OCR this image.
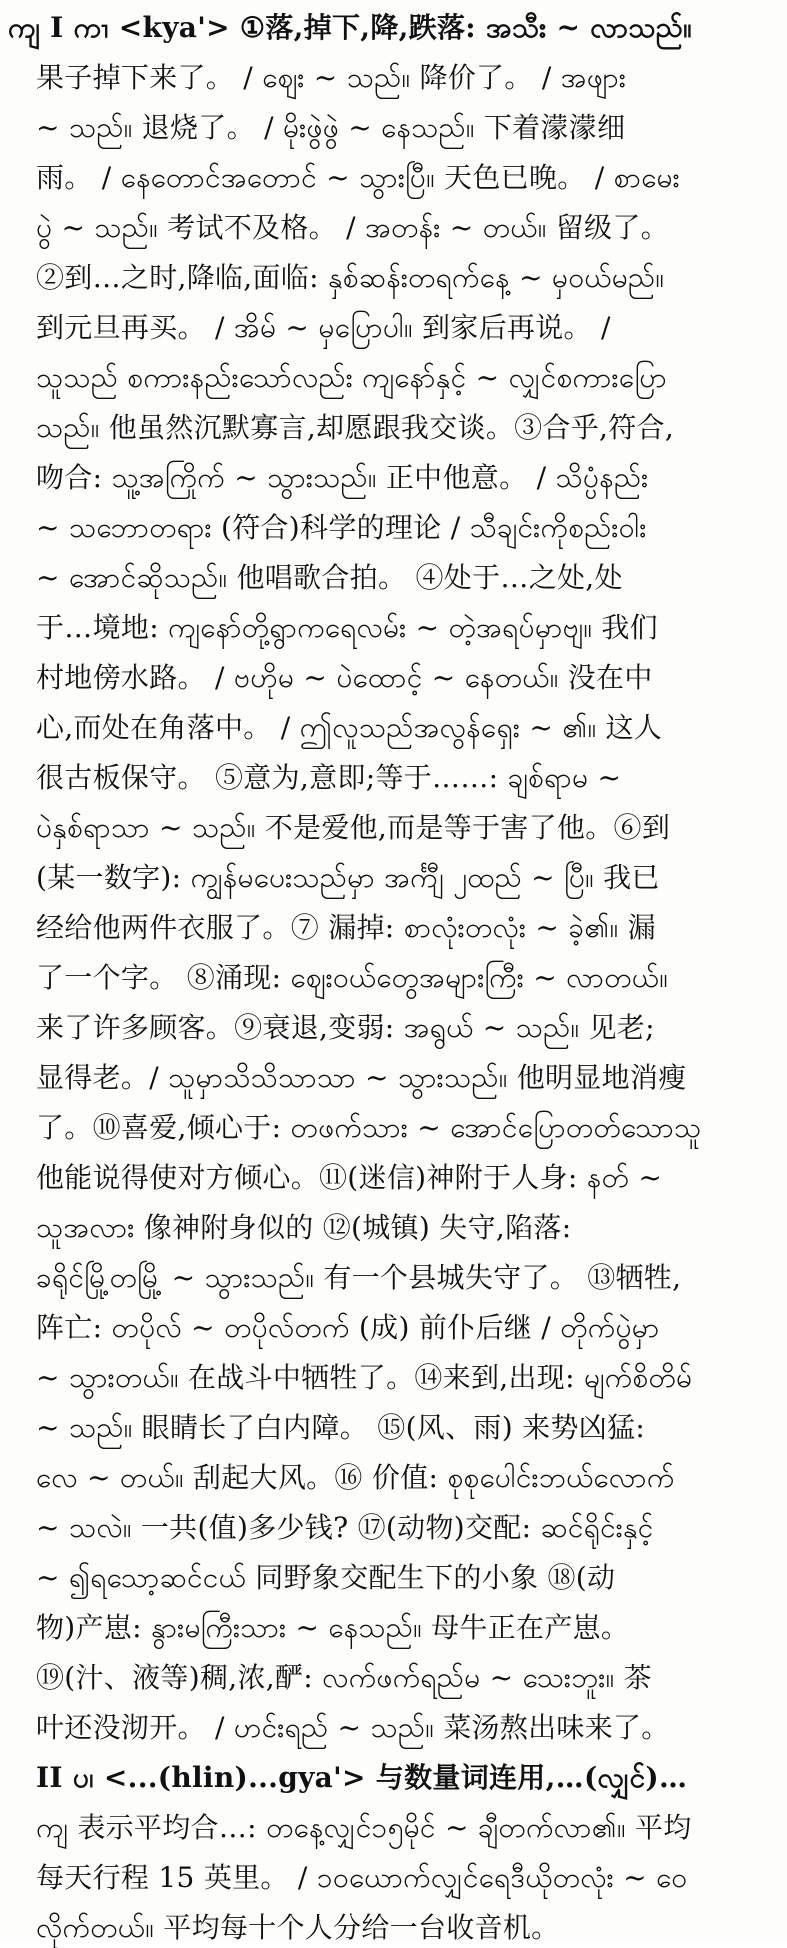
ကျ I ကၢ <kya'> ①落,掉下,降,跌落: အသီး ~ လာသည်။
果子掉下来了。 / ဈေး ~ သည်။ 降价了。 / အဖျား
~ သည်။ 退烧了。 / မိုးဖွဲဖွဲ ~ နေသည်။ 下着濛濛细
雨。 / နေတောင်အတောင် ~ သွားပြီ။ 天色已晚。 / စာမေး
ပွဲ ~ သည်။ 考试不及格。 / အတန်း ~ တယ်။ 留级了。
②到…之时,降临,面临: နှစ်ဆန်းတရက်နေ့ ~ မှဝယ်မည်။
到元旦再买。 / အိမ် ~ မှပြောပါ။ 到家后再说。 /
သူသည် စကားနည်းသော်လည်း ကျနော်နှင့် ~ လျှင်စကားပြော
သည်။ 他虽然沉默寡言,却愿跟我交谈。③合乎,符合,
吻合: သူ့အကြိုက် ~ သွားသည်။ 正中他意。 / သိပ္ပံနည်း
~ သဘောတရား (符合)科学的理论 / သီချင်းကိုစည်းဝါး
~ အောင်ဆိုသည်။ 他唱歌合拍。 ④处于…之处,处
于…境地: ကျနော်တို့ရွာကရေလမ်း ~ တဲ့အရပ်မှာဗျ။ 我们
村地傍水路。 / ဗဟိုမ ~ ပဲထောင့် ~ နေတယ်။ 没在中
心,而处在角落中。 / ဤလူသည်အလွန်ရှေး ~ ၏။ 这人
很古板保守。 ⑤意为,意即;等于……: ချစ်ရာမ ~
ပဲနှစ်ရာသာ ~ သည်။ 不是爱他,而是等于害了他。⑥到
(某一数字): ကျွန်မပေးသည်မှာ အင်္ကျီ ၂ထည် ~ ပြီ။ 我已
经给他两件衣服了。⑦ 漏掉: စာလုံးတလုံး ~ ခဲ့၏။ 漏
了一个字。 ⑧涌现: ဈေးဝယ်တွေအများကြီး ~ လာတယ်။
来了许多顾客。⑨衰退,变弱: အရွယ် ~ သည်။ 见老;
显得老。/ သူမှာသိသိသာသာ ~ သွားသည်။ 他明显地消瘦
了。⑩喜爱,倾心于: တဖက်သား ~ အောင်ပြောတတ်သောသူ
他能说得使对方倾心。⑪(迷信)神附于人身: နတ် ~
သူအလား 像神附身似的 ⑫(城镇) 失守,陷落:
ခရိုင်မြို့တမြို့ ~ သွားသည်။ 有一个县城失守了。 ⑬牺牲,
阵亡: တပိုလ် ~ တပိုလ်တက် (成) 前仆后继 / တိုက်ပွဲမှာ
~ သွားတယ်။ 在战斗中牺牲了。⑭来到,出现: မျက်စိတိမ်
~ သည်။ 眼睛长了白内障。 ⑮(风、雨) 来势凶猛:
လေ ~ တယ်။ 刮起大风。⑯ 价值: စုစုပေါင်းဘယ်လောက်
~ သလဲ။ 一共(值)多少钱? ⑰(动物)交配: ဆင်ရိုင်းနှင့်
~ ၍ရသော့ဆင်ငယ် 同野象交配生下的小象 ⑱(动
物)产崽: နွားမကြီးသား ~ နေသည်။ 母牛正在产崽。
⑲(汁、液等)稠,浓,酽: လက်ဖက်ရည်မ ~ သေးဘူး။ 茶
叶还没沏开。 / ဟင်းရည် ~ သည်။ 菜汤熬出味来了。
II ပ၊ <...(hlin)...gya'> 与数量词连用,…(လျှင်)…
ကျ 表示平均合…: တနေ့လျှင်၁၅မိုင် ~ ချီတက်လာ၏။ 平均
每天行程 15 英里。 / ၁၀ယောက်လျှင်ရေဒီယိုတလုံး ~ ဝေ
လိုက်တယ်။ 平均每十个人分给一台收音机。
